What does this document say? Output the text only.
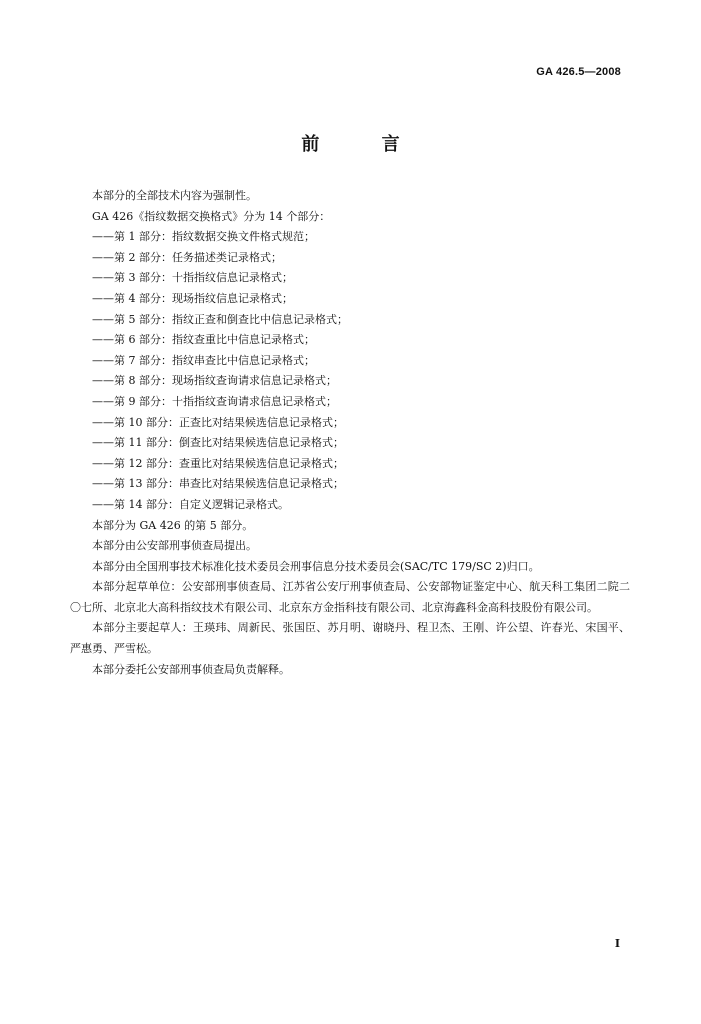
GA 426.5—2008
前 言

本部分的全部技术内容为强制性。

GA 426《指纹数据交换格式》分为 14 个部分：

——第 1 部分：指纹数据交换文件格式规范；

——第 2 部分：任务描述类记录格式；

——第 3 部分：十指指纹信息记录格式；

——第 4 部分：现场指纹信息记录格式；

——第 5 部分：指纹正查和倒查比中信息记录格式；

——第 6 部分：指纹查重比中信息记录格式；

——第 7 部分：指纹串查比中信息记录格式；

——第 8 部分：现场指纹查询请求信息记录格式；

——第 9 部分：十指指纹查询请求信息记录格式；

——第 10 部分：正查比对结果候选信息记录格式；

——第 11 部分：倒查比对结果候选信息记录格式；

——第 12 部分：查重比对结果候选信息记录格式；

——第 13 部分：串查比对结果候选信息记录格式；

——第 14 部分：自定义逻辑记录格式。

本部分为 GA 426 的第 5 部分。

本部分由公安部刑事侦查局提出。

本部分由全国刑事技术标准化技术委员会刑事信息分技术委员会(SAC/TC 179/SC 2)归口。

本部分起草单位：公安部刑事侦查局、江苏省公安厅刑事侦查局、公安部物证鉴定中心、航天科工集团二院二〇七所、北京北大高科指纹技术有限公司、北京东方金指科技有限公司、北京海鑫科金高科技股份有限公司。

本部分主要起草人：王瑛玮、周新民、张国臣、苏月明、谢晓丹、程卫杰、王刚、许公望、许春光、宋国平、严惠勇、严雪松。

本部分委托公安部刑事侦查局负责解释。

I
